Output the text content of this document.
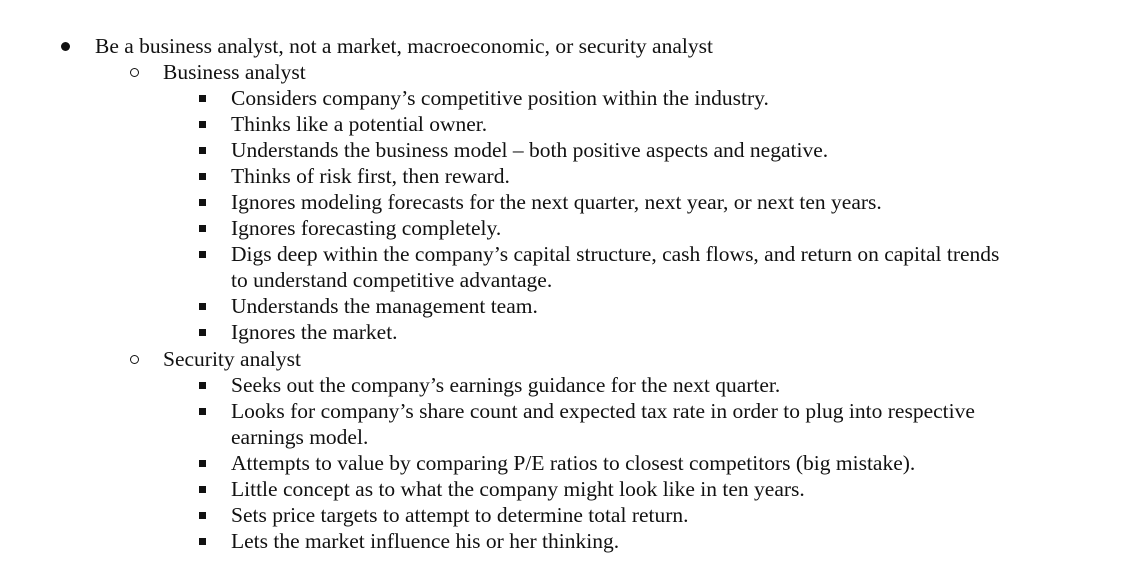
Be a business analyst, not a market, macroeconomic, or security analyst
Business analyst
Considers company’s competitive position within the industry.
Thinks like a potential owner.
Understands the business model – both positive aspects and negative.
Thinks of risk first, then reward.
Ignores modeling forecasts for the next quarter, next year, or next ten years.
Ignores forecasting completely.
Digs deep within the company’s capital structure, cash flows, and return on capital trends
to understand competitive advantage.
Understands the management team.
Ignores the market.
Security analyst
Seeks out the company’s earnings guidance for the next quarter.
Looks for company’s share count and expected tax rate in order to plug into respective
earnings model.
Attempts to value by comparing P/E ratios to closest competitors (big mistake).
Little concept as to what the company might look like in ten years.
Sets price targets to attempt to determine total return.
Lets the market influence his or her thinking.
